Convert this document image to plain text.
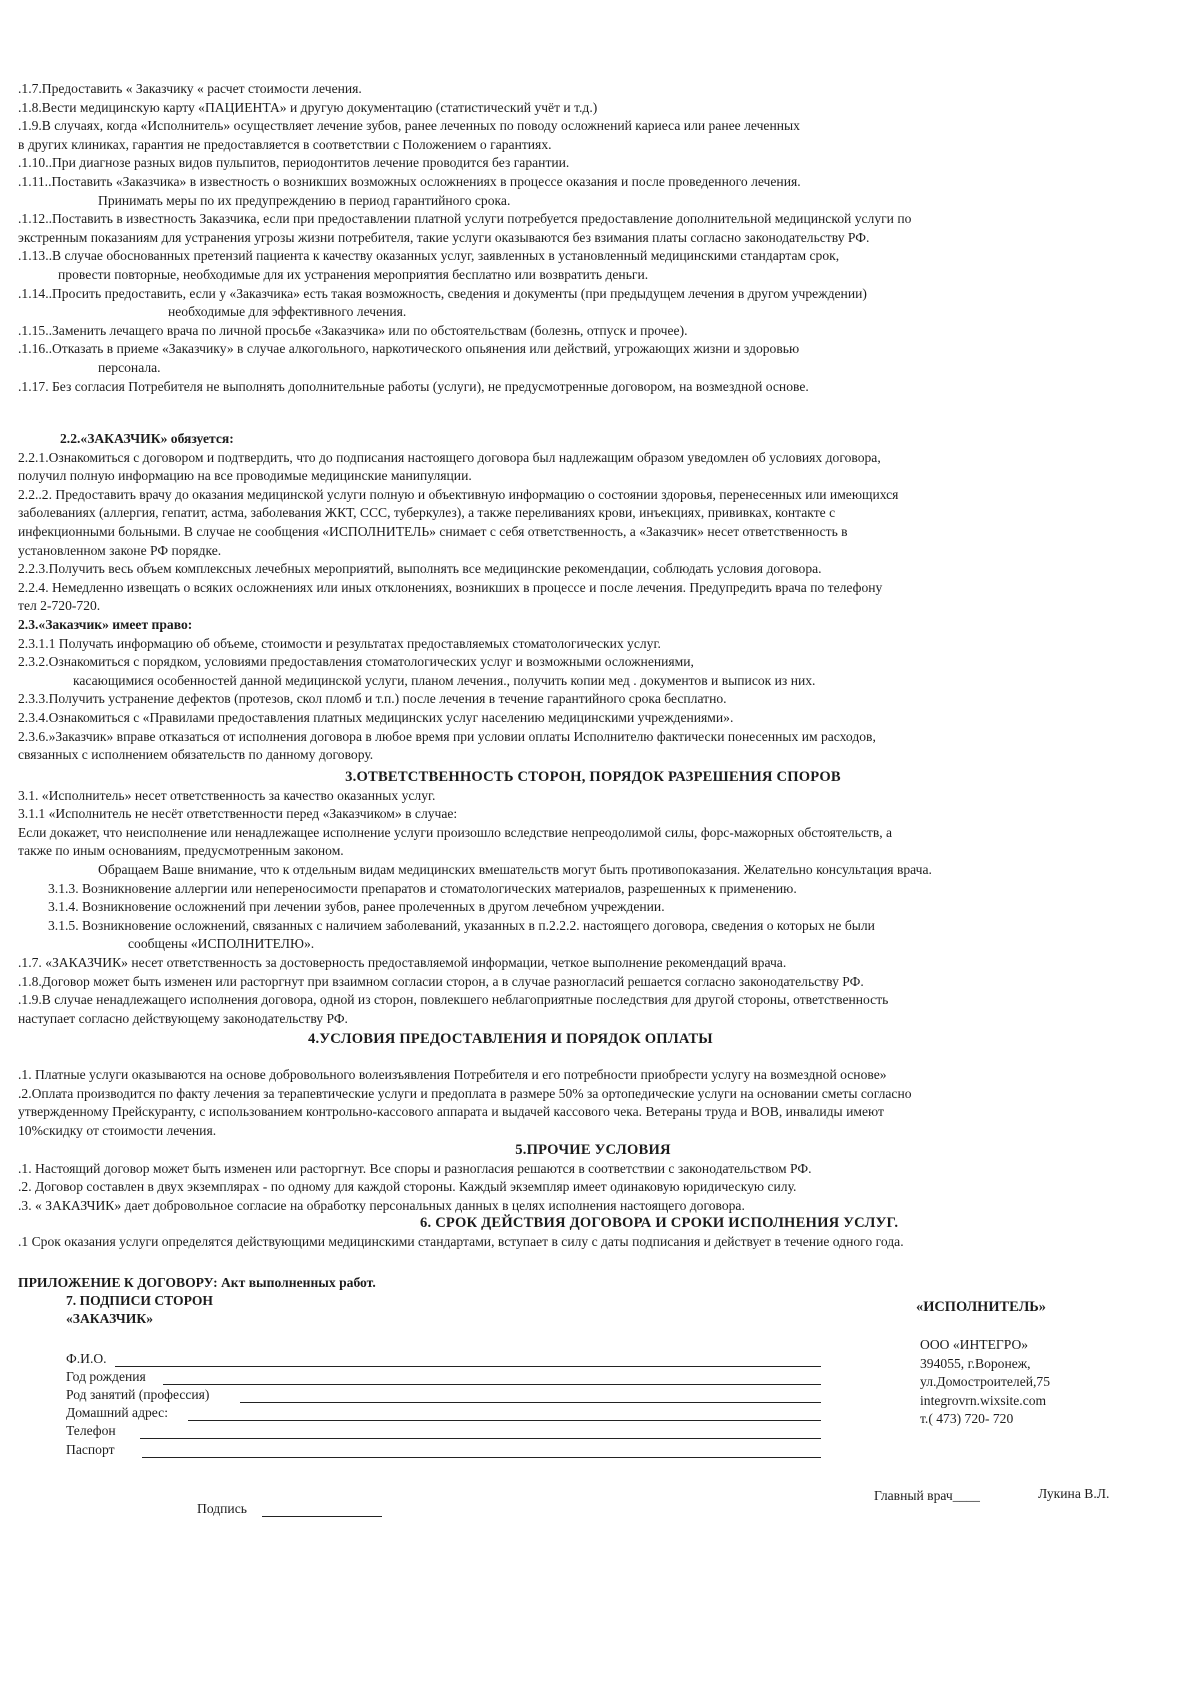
.1.7.Предоставить « Заказчику « расчет стоимости лечения.
.1.8.Вести медицинскую карту «ПАЦИЕНТА» и другую документацию (статистический учёт и т.д.)
.1.9.В случаях, когда «Исполнитель» осуществляет лечение зубов, ранее леченных по поводу осложнений кариеса или ранее леченных
в других клиниках, гарантия не предоставляется в соответствии с Положением о гарантиях.
.1.10..При диагнозе разных видов пульпитов, периодонтитов лечение проводится без гарантии.
.1.11..Поставить «Заказчика» в известность о возникших возможных осложнениях в процессе оказания и после проведенного лечения.
Принимать меры по их предупреждению в период гарантийного срока.
.1.12..Поставить в известность Заказчика, если при предоставлении платной услуги потребуется предоставление дополнительной медицинской услуги по
экстренным показаниям для устранения угрозы жизни потребителя, такие услуги оказываются без взимания платы согласно законодательству РФ.
.1.13..В случае обоснованных претензий пациента к качеству оказанных услуг, заявленных в установленный медицинскими стандартам срок,
провести повторные, необходимые для их устранения мероприятия бесплатно или возвратить деньги.
.1.14..Просить предоставить, если у «Заказчика» есть такая возможность, сведения и документы (при предыдущем лечения в другом учреждении)
необходимые для эффективного лечения.
.1.15..Заменить лечащего врача по личной просьбе «Заказчика» или по обстоятельствам (болезнь, отпуск и прочее).
.1.16..Отказать в приеме «Заказчику» в случае алкогольного, наркотического опьянения или действий, угрожающих жизни и здоровью
персонала.
.1.17. Без согласия Потребителя не выполнять дополнительные работы (услуги), не предусмотренные договором, на возмездной основе.
2.2.«ЗАКАЗЧИК» обязуется:
2.2.1.Ознакомиться с договором и подтвердить, что до подписания настоящего договора был надлежащим образом уведомлен об условиях договора,
получил полную информацию на все проводимые медицинские манипуляции.
2.2..2. Предоставить врачу до оказания медицинской услуги полную и объективную информацию о состоянии здоровья, перенесенных или имеющихся
заболеваниях (аллергия, гепатит, астма, заболевания ЖКТ, ССС, туберкулез), а также переливаниях крови, инъекциях, прививках, контакте с
инфекционными больными. В случае не сообщения «ИСПОЛНИТЕЛЬ» снимает с себя ответственность, а «Заказчик» несет ответственность в
установленном законе РФ порядке.
2.2.3.Получить весь объем комплексных лечебных мероприятий, выполнять все медицинские рекомендации, соблюдать условия договора.
2.2.4. Немедленно извещать о всяких осложнениях или иных отклонениях, возникших в процессе и после лечения. Предупредить врача по телефону
тел 2-720-720.
2.3.«Заказчик» имеет право:
2.3.1.1 Получать информацию об объеме, стоимости и результатах предоставляемых стоматологических услуг.
2.3.2.Ознакомиться с порядком, условиями предоставления стоматологических услуг и возможными осложнениями,
касающимися особенностей данной медицинской услуги, планом лечения., получить копии мед . документов и выписок из них.
2.3.3.Получить устранение дефектов (протезов, скол пломб и т.п.) после лечения в течение гарантийного срока бесплатно.
2.3.4.Ознакомиться с «Правилами предоставления платных медицинских услуг населению медицинскими учреждениями».
2.3.6.»Заказчик» вправе отказаться от исполнения договора в любое время при условии оплаты Исполнителю фактически понесенных им расходов,
связанных с исполнением обязательств по данному договору.
3.ОТВЕТСТВЕННОСТЬ СТОРОН, ПОРЯДОК РАЗРЕШЕНИЯ СПОРОВ
3.1. «Исполнитель» несет ответственность за качество оказанных услуг.
3.1.1 «Исполнитель не несёт ответственности перед «Заказчиком» в случае:
Если докажет, что неисполнение или ненадлежащее исполнение услуги произошло вследствие непреодолимой силы, форс-мажорных обстоятельств, а
также по иным основаниям, предусмотренным законом.
Обращаем Ваше внимание, что к отдельным видам медицинских вмешательств могут быть противопоказания. Желательно консультация врача.
3.1.3. Возникновение аллергии или непереносимости препаратов и стоматологических материалов, разрешенных к применению.
3.1.4. Возникновение осложнений при лечении зубов, ранее пролеченных в другом лечебном учреждении.
3.1.5. Возникновение осложнений, связанных с наличием заболеваний, указанных в п.2.2.2. настоящего договора, сведения о которых не были
сообщены «ИСПОЛНИТЕЛЮ».
.1.7. «ЗАКАЗЧИК» несет ответственность за достоверность предоставляемой информации, четкое выполнение рекомендаций врача.
.1.8.Договор может быть изменен или расторгнут при взаимном согласии сторон, а в случае разногласий решается согласно законодательству РФ.
.1.9.В случае ненадлежащего исполнения договора, одной из сторон, повлекшего неблагоприятные последствия для другой стороны, ответственность
наступает согласно действующему законодательству РФ.
4.УСЛОВИЯ ПРЕДОСТАВЛЕНИЯ И ПОРЯДОК ОПЛАТЫ
.1. Платные услуги оказываются на основе добровольного волеизъявления Потребителя и его потребности приобрести услугу на возмездной основе»
.2.Оплата производится по факту лечения за терапевтические услуги и предоплата в размере 50% за ортопедические услуги на основании сметы согласно
утвержденному Прейскуранту, с использованием контрольно-кассового аппарата и выдачей кассового чека. Ветераны труда и ВОВ, инвалиды имеют
10%скидку от стоимости лечения.
5.ПРОЧИЕ УСЛОВИЯ
.1. Настоящий договор может быть изменен или расторгнут. Все споры и разногласия решаются в соответствии с законодательством РФ.
.2. Договор составлен в двух экземплярах - по одному для каждой стороны. Каждый экземпляр имеет одинаковую юридическую силу.
.3. « ЗАКАЗЧИК» дает добровольное согласие на обработку персональных данных в целях исполнения настоящего договора.
6. СРОК ДЕЙСТВИЯ ДОГОВОРА И СРОКИ ИСПОЛНЕНИЯ УСЛУГ.
.1 Срок оказания услуги определятся действующими медицинскими стандартами, вступает в силу с даты подписания и действует в течение одного года.
ПРИЛОЖЕНИЕ К ДОГОВОРУ: Акт выполненных работ.
7. ПОДПИСИ СТОРОН
«ЗАКАЗЧИК»
Ф.И.О.
Год рождения
Род занятий (профессия)
Домашний адрес:
Телефон
Паспорт
Подпись
«ИСПОЛНИТЕЛЬ»
ООО «ИНТЕГРО»
394055, г.Воронеж,
ул.Домостроителей,75
integrovrn.wixsite.com
т.( 473) 720- 720
Главный врач____	Лукина В.Л.
